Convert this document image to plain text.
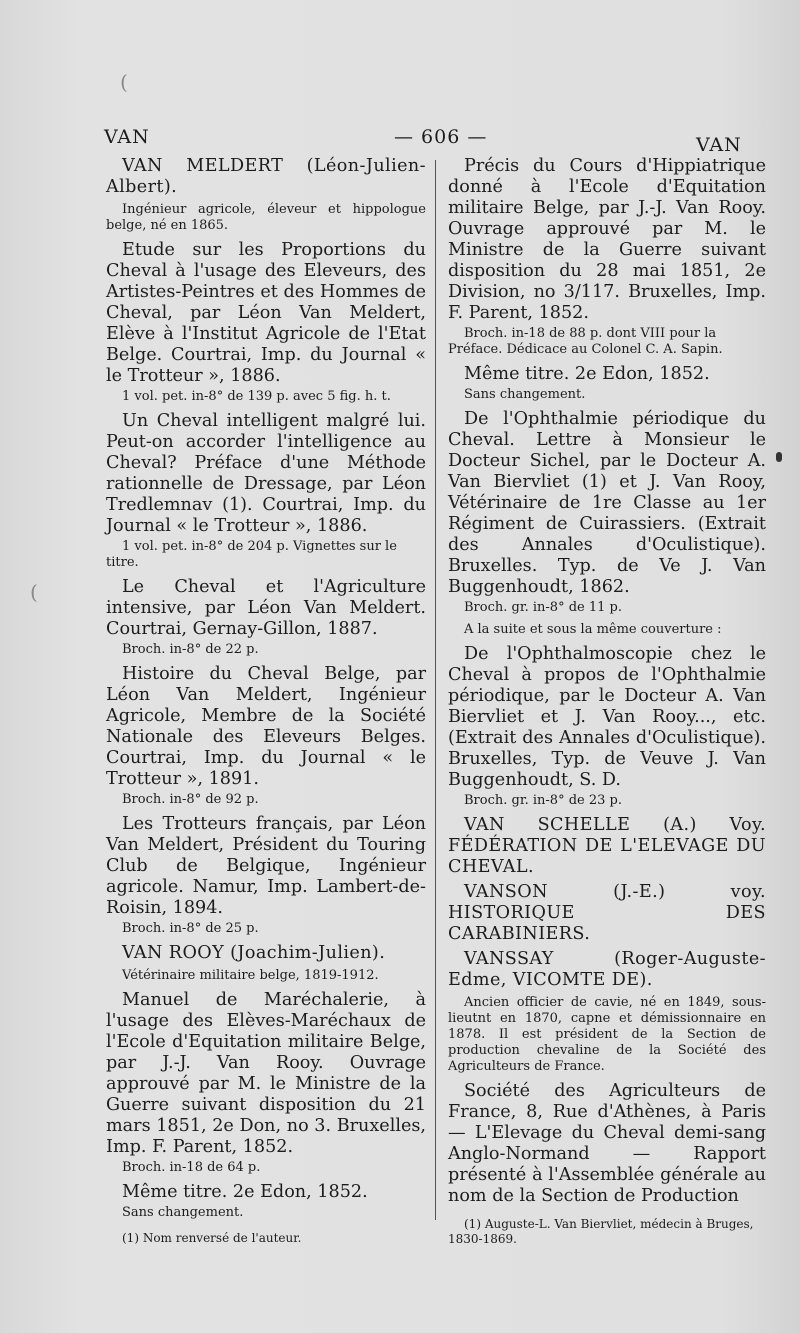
(
(
VAN	— 606 —	VAN
VAN MELDERT (Léon-Julien-Albert).
Ingénieur agricole, éleveur et hippologue belge, né en 1865.
Etude sur les Proportions du Cheval à l'usage des Eleveurs, des Artistes-Peintres et des Hommes de Cheval, par Léon Van Meldert, Elève à l'Institut Agricole de l'Etat Belge. Courtrai, Imp. du Journal « le Trotteur », 1886.
1 vol. pet. in-8° de 139 p. avec 5 fig. h. t.
Un Cheval intelligent malgré lui. Peut-on accorder l'intelligence au Cheval? Préface d'une Méthode rationnelle de Dressage, par Léon Tredlemnav (1). Courtrai, Imp. du Journal « le Trotteur », 1886.
1 vol. pet. in-8° de 204 p. Vignettes sur le titre.
Le Cheval et l'Agriculture intensive, par Léon Van Meldert. Courtrai, Gernay-Gillon, 1887.
Broch. in-8° de 22 p.
Histoire du Cheval Belge, par Léon Van Meldert, Ingénieur Agricole, Membre de la Société Nationale des Eleveurs Belges. Courtrai, Imp. du Journal « le Trotteur », 1891.
Broch. in-8° de 92 p.
Les Trotteurs français, par Léon Van Meldert, Président du Touring Club de Belgique, Ingénieur agricole. Namur, Imp. Lambert-de-Roisin, 1894.
Broch. in-8° de 25 p.
VAN ROOY (Joachim-Julien).
Vétérinaire militaire belge, 1819-1912.
Manuel de Maréchalerie, à l'usage des Elèves-Maréchaux de l'Ecole d'Equitation militaire Belge, par J.-J. Van Rooy. Ouvrage approuvé par M. le Ministre de la Guerre suivant disposition du 21 mars 1851, 2e Don, no 3. Bruxelles, Imp. F. Parent, 1852.
Broch. in-18 de 64 p.
Même titre. 2e Edon, 1852.
Sans changement.
(1) Nom renversé de l'auteur.
Précis du Cours d'Hippiatrique donné à l'Ecole d'Equitation militaire Belge, par J.-J. Van Rooy. Ouvrage approuvé par M. le Ministre de la Guerre suivant disposition du 28 mai 1851, 2e Division, no 3/117. Bruxelles, Imp. F. Parent, 1852.
Broch. in-18 de 88 p. dont VIII pour la Préface. Dédicace au Colonel C. A. Sapin.
Même titre. 2e Edon, 1852.
Sans changement.
De l'Ophthalmie périodique du Cheval. Lettre à Monsieur le Docteur Sichel, par le Docteur A. Van Biervliet (1) et J. Van Rooy, Vétérinaire de 1re Classe au 1er Régiment de Cuirassiers. (Extrait des Annales d'Oculistique). Bruxelles. Typ. de Ve J. Van Buggenhoudt, 1862.
Broch. gr. in-8° de 11 p.
A la suite et sous la même couverture :
De l'Ophthalmoscopie chez le Cheval à propos de l'Ophthalmie périodique, par le Docteur A. Van Biervliet et J. Van Rooy..., etc. (Extrait des Annales d'Oculistique). Bruxelles, Typ. de Veuve J. Van Buggenhoudt, S. D.
Broch. gr. in-8° de 23 p.
VAN SCHELLE (A.) Voy. FÉDÉRATION DE L'ELEVAGE DU CHEVAL.
VANSON (J.-E.) voy. HISTORIQUE DES CARABINIERS.
VANSSAY (Roger-Auguste-Edme, VICOMTE DE).
Ancien officier de cavie, né en 1849, sous-lieutnt en 1870, capne et démissionnaire en 1878. Il est président de la Section de production chevaline de la Société des Agriculteurs de France.
Société des Agriculteurs de France, 8, Rue d'Athènes, à Paris — L'Elevage du Cheval demi-sang Anglo-Normand — Rapport présenté à l'Assemblée générale au nom de la Section de Production
(1) Auguste-L. Van Biervliet, médecin à Bruges, 1830-1869.
